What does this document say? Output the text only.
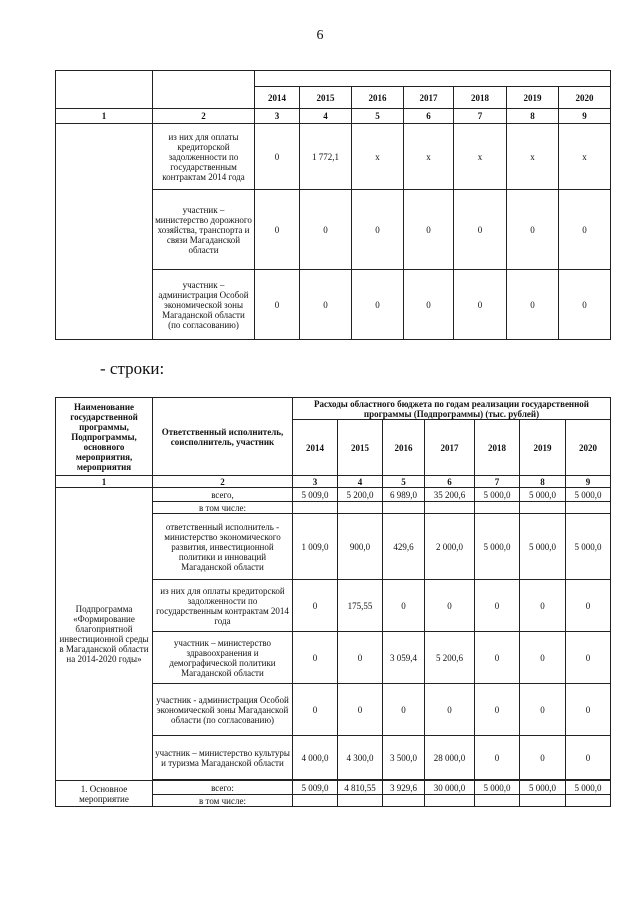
6

		2014	2015	2016	2017	2018	2019	2020
1	2	3	4	5	6	7	8	9
	из них для оплаты кредиторской задолженности по государственным контрактам 2014 года	0	1 772,1	x	x	x	x	x
	участник – министерство дорожного хозяйства, транспорта и связи Магаданской области	0	0	0	0	0	0	0
	участник – администрация Особой экономической зоны Магаданской области (по согласованию)	0	0	0	0	0	0	0
- строки:
Наименование государственной программы, Подпрограммы, основного мероприятия, мероприятия	Ответственный исполнитель, соисполнитель, участник	Расходы областного бюджета по годам реализации государственной программы (Подпрограммы) (тыс. рублей)						
		2014	2015	2016	2017	2018	2019	2020
1	2	3	4	5	6	7	8	9
Подпрограмма «Формирование благоприятной инвестиционной среды в Магаданской области на 2014-2020 годы»	всего,	5 009,0	5 200,0	6 989,0	35 200,6	5 000,0	5 000,0	5 000,0
	в том числе:							
	ответственный исполнитель - министерство экономического развития, инвестиционной политики и инноваций Магаданской области	1 009,0	900,0	429,6	2 000,0	5 000,0	5 000,0	5 000,0
	из них для оплаты кредиторской задолженности по государственным контрактам 2014 года	0	175,55	0	0	0	0	0
	участник – министерство здравоохранения и демографической политики Магаданской области	0	0	3 059,4	5 200,6	0	0	0
	участник - администрация Особой экономической зоны Магаданской области (по согласованию)	0	0	0	0	0	0	0
	участник – министерство культуры и туризма Магаданской области	4 000,0	4 300,0	3 500,0	28 000,0	0	0	0

1. Основное мероприятие	всего:	5 009,0	4 810,55	3 929,6	30 000,0	5 000,0	5 000,0	5 000,0
	в том числе:							
